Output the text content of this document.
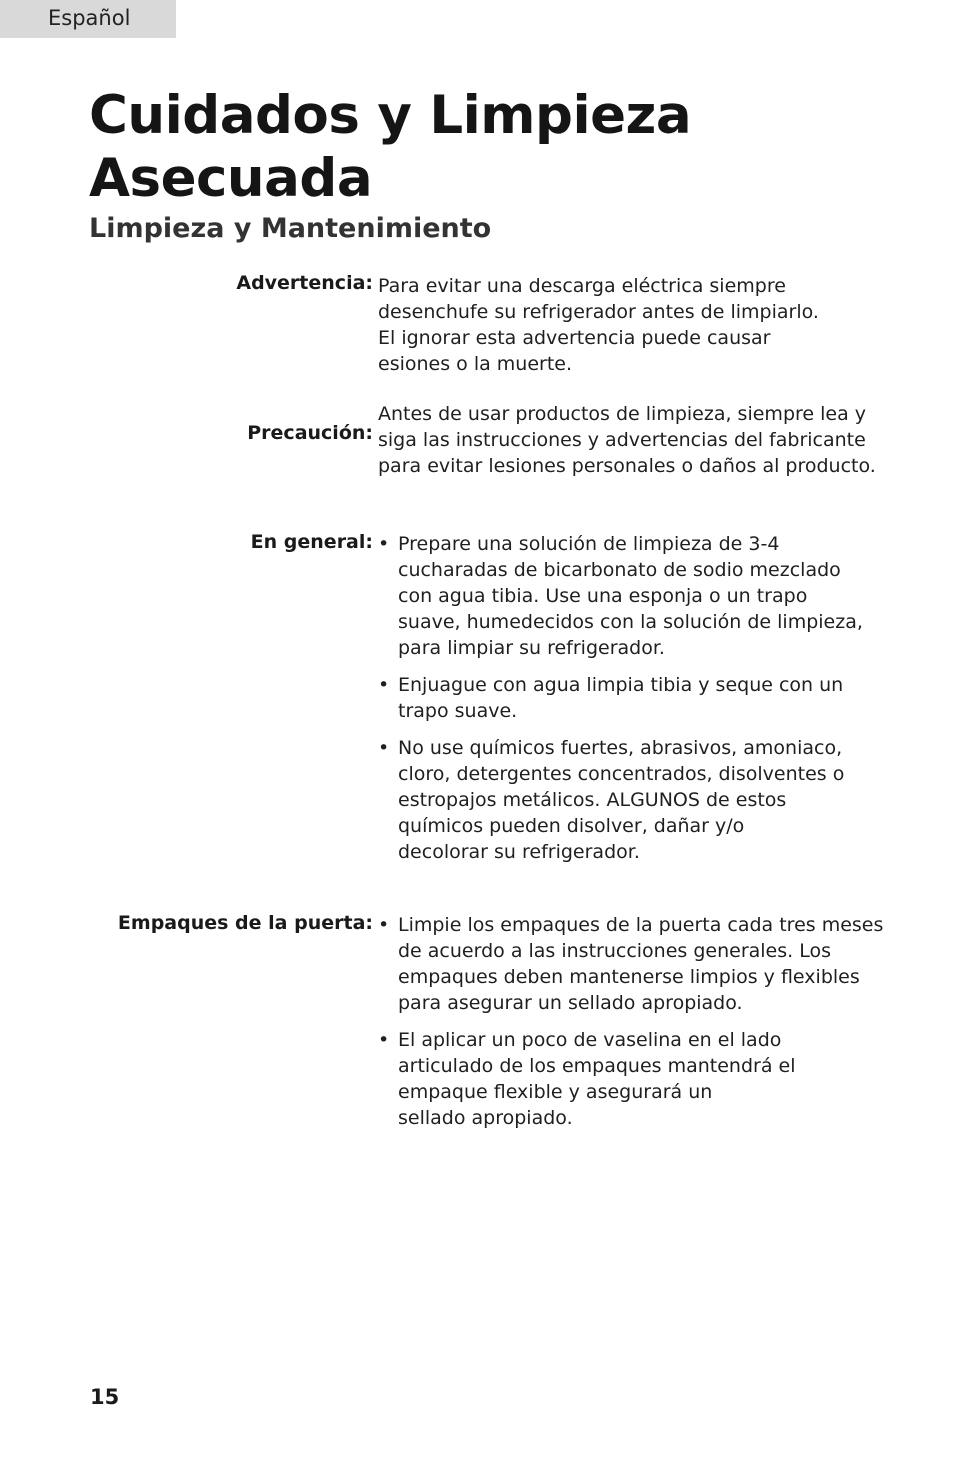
Español
Cuidados y Limpieza
Asecuada
Limpieza y Mantenimiento
Advertencia: Para evitar una descarga eléctrica siempre
desenchufe su refrigerador antes de limpiarlo.
El ignorar esta advertencia puede causar
esiones o la muerte.
Precaución:
Antes de usar productos de limpieza, siempre lea y
siga las instrucciones y advertencias del fabricante
para evitar lesiones personales o daños al producto.
En general: • Prepare una solución de limpieza de 3-4
cucharadas de bicarbonato de sodio mezclado
con agua tibia. Use una esponja o un trapo
suave, humedecidos con la solución de limpieza,
para limpiar su refrigerador.
• Enjuague con agua limpia tibia y seque con un
trapo suave.
• No use químicos fuertes, abrasivos, amoniaco,
cloro, detergentes concentrados, disolventes o
estropajos metálicos. ALGUNOS de estos
químicos pueden disolver, dañar y/o
decolorar su refrigerador.
Empaques de la puerta: • Limpie los empaques de la puerta cada tres meses
de acuerdo a las instrucciones generales. Los
empaques deben mantenerse limpios y flexibles
para asegurar un sellado apropiado.
• El aplicar un poco de vaselina en el lado
articulado de los empaques mantendrá el
empaque flexible y asegurará un
sellado apropiado.
15
